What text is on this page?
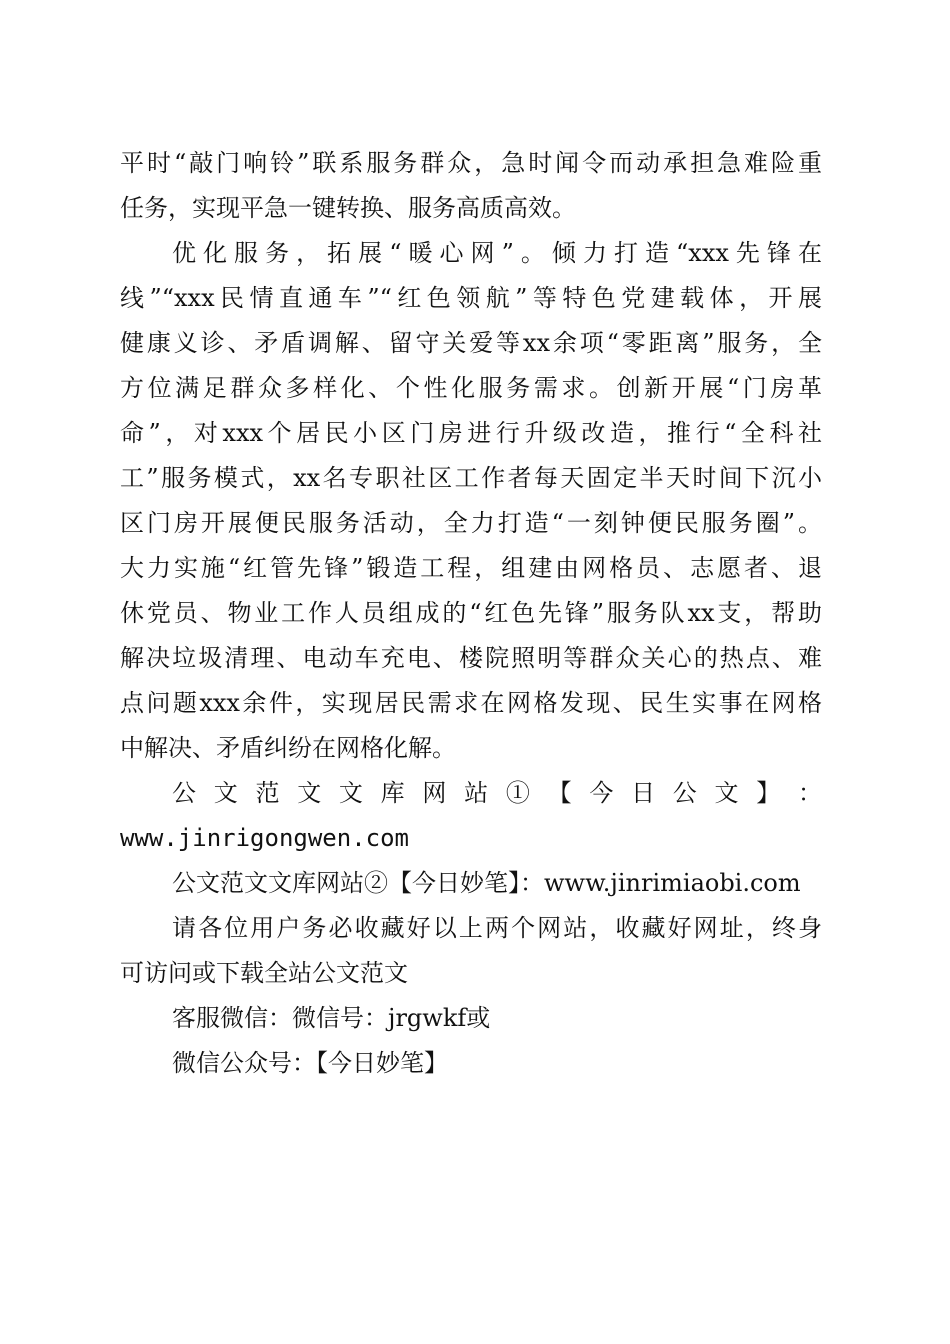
平时“敲门响铃”联系服务群众，急时闻令而动承担急难险重
任务，实现平急一键转换、服务高质高效。
优化服务，拓展“暖心网”。倾力打造“xxx先锋在
线”“xxx民情直通车”“红色领航”等特色党建载体，开展
健康义诊、矛盾调解、留守关爱等xx余项“零距离”服务，全
方位满足群众多样化、个性化服务需求。创新开展“门房革
命”，对xxx个居民小区门房进行升级改造，推行“全科社
工”服务模式，xx名专职社区工作者每天固定半天时间下沉小
区门房开展便民服务活动，全力打造“一刻钟便民服务圈”。
大力实施“红管先锋”锻造工程，组建由网格员、志愿者、退
休党员、物业工作人员组成的“红色先锋”服务队xx支，帮助
解决垃圾清理、电动车充电、楼院照明等群众关心的热点、难
点问题xxx余件，实现居民需求在网格发现、民生实事在网格
中解决、矛盾纠纷在网格化解。
公 文 范 文 文 库 网 站 ① 【 今 日 公 文 】 ：
www.jinrigongwen.com
公文范文文库网站②【今日妙笔】：www.jinrimiaobi.com
请各位用户务必收藏好以上两个网站，收藏好网址，终身
可访问或下载全站公文范文
客服微信：微信号：jrgwkf或
微信公众号：【今日妙笔】
